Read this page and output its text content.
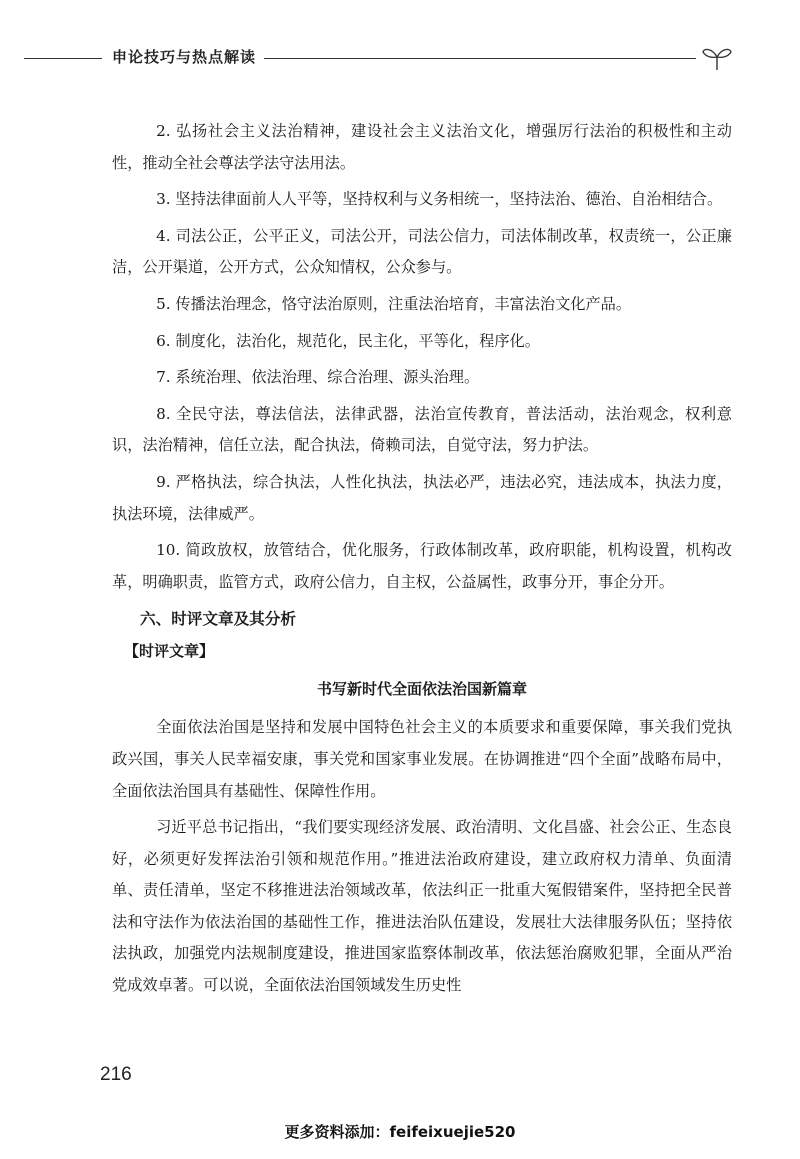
申论技巧与热点解读

2. 弘扬社会主义法治精神，建设社会主义法治文化，增强厉行法治的积极性和主动性，推动全社会尊法学法守法用法。

3. 坚持法律面前人人平等，坚持权利与义务相统一，坚持法治、德治、自治相结合。

4. 司法公正，公平正义，司法公开，司法公信力，司法体制改革，权责统一，公正廉洁，公开渠道，公开方式，公众知情权，公众参与。

5. 传播法治理念，恪守法治原则，注重法治培育，丰富法治文化产品。

6. 制度化，法治化，规范化，民主化，平等化，程序化。

7. 系统治理、依法治理、综合治理、源头治理。

8. 全民守法，尊法信法，法律武器，法治宣传教育，普法活动，法治观念，权利意识，法治精神，信任立法，配合执法，倚赖司法，自觉守法，努力护法。

9. 严格执法，综合执法，人性化执法，执法必严，违法必究，违法成本，执法力度，执法环境，法律威严。

10. 简政放权，放管结合，优化服务，行政体制改革，政府职能，机构设置，机构改革，明确职责，监管方式，政府公信力，自主权，公益属性，政事分开，事企分开。

六、时评文章及其分析
【时评文章】
书写新时代全面依法治国新篇章

全面依法治国是坚持和发展中国特色社会主义的本质要求和重要保障，事关我们党执政兴国，事关人民幸福安康，事关党和国家事业发展。在协调推进“四个全面”战略布局中，全面依法治国具有基础性、保障性作用。

习近平总书记指出，“我们要实现经济发展、政治清明、文化昌盛、社会公正、生态良好，必须更好发挥法治引领和规范作用。”推进法治政府建设，建立政府权力清单、负面清单、责任清单，坚定不移推进法治领域改革，依法纠正一批重大冤假错案件，坚持把全民普法和守法作为依法治国的基础性工作，推进法治队伍建设，发展壮大法律服务队伍；坚持依法执政，加强党内法规制度建设，推进国家监察体制改革，依法惩治腐败犯罪，全面从严治党成效卓著。可以说，全面依法治国领域发生历史性

216
更多资料添加：feifeixuejie520
